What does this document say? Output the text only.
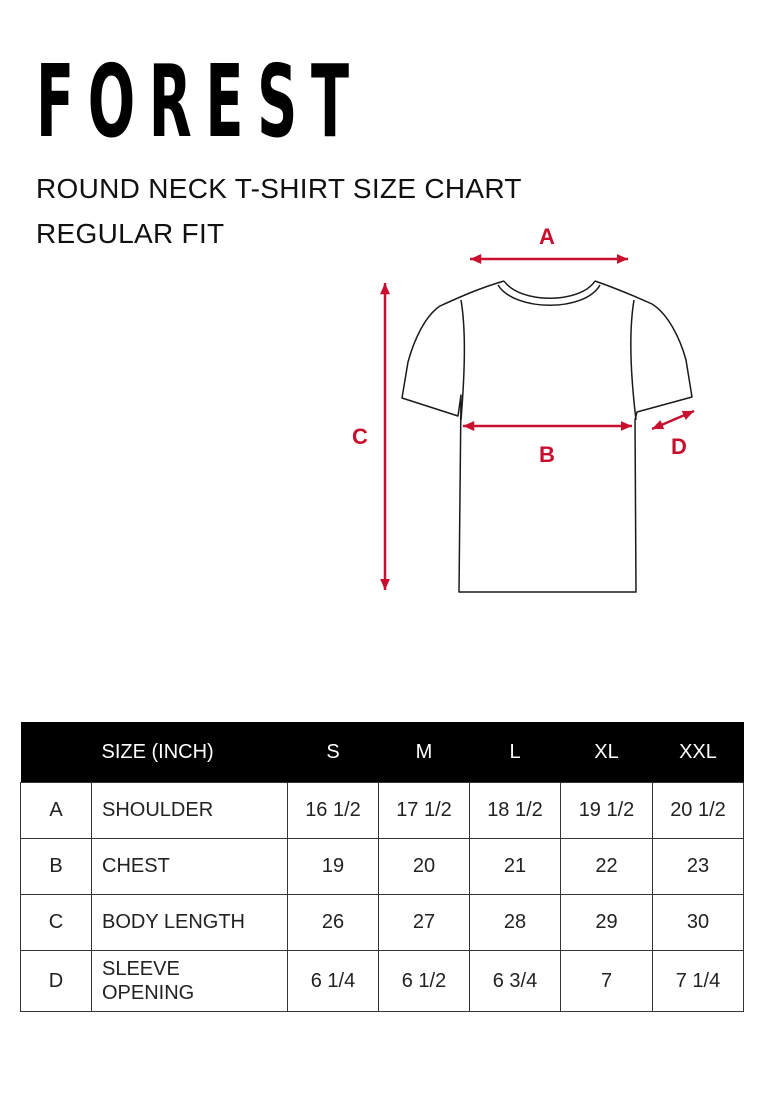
FOREST
ROUND NECK T-SHIRT SIZE CHART
REGULAR FIT	A
B
C	D
	SIZE (INCH)	S	M	L	XL	XXL
A	SHOULDER	16 1/2	17 1/2	18 1/2	19 1/2	20 1/2
B	CHEST	19	20	21	22	23
C	BODY LENGTH	26	27	28	29	30
D	SLEEVE
OPENING	6 1/4	6 1/2	6 3/4	7	7 1/4
